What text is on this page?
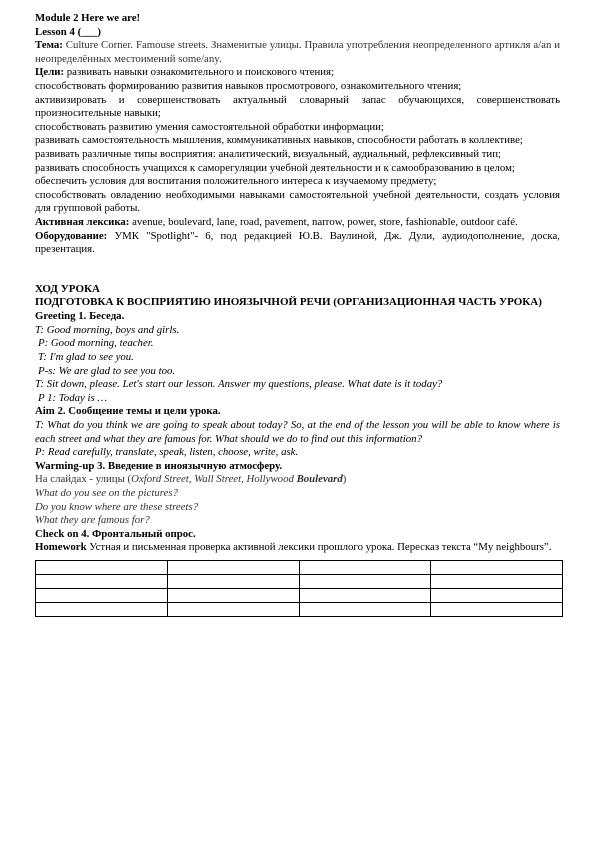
Module 2 Here we are!

Lesson 4 (___)

Тема: Culture Corner. Famouse streets. Знаменитые улицы. Правила употребления неопределенного артикля a/an и неопределённых местоимений some/any.

Цели: развивать навыки ознакомительного и поискового чтения;

способствовать формированию развития навыков просмотрового, ознакомительного чтения;

активизировать и совершенствовать актуальный словарный запас обучающихся, совершенствовать произносительные навыки;

способствовать развитию умения самостоятельной обработки информации;

развивать самостоятельность мышления, коммуникативных навыков, способности работать в коллективе;

развивать различные типы восприятия: аналитический, визуальный, аудиальный, рефлексивный тип;

развивать способность учащихся к саморегуляции учебной деятельности и к самообразованию в целом;

обеспечить условия для воспитания положительного интереса к изучаемому предмету;

способствовать овладению необходимыми навыками самостоятельной учебной деятельности, создать условия для групповой работы.

Активная лексика: avenue, boulevard, lane, road, pavement, narrow, power, store, fashionable, outdoor café.

Оборудование: УМК "Spotlight"- 6, под редакцией Ю.В. Ваулиной, Дж. Дули, аудиодополнение, доска, презентация.

ХОД УРОКА

ПОДГОТОВКА К ВОСПРИЯТИЮ ИНОЯЗЫЧНОЙ РЕЧИ (ОРГАНИЗАЦИОННАЯ ЧАСТЬ УРОКА)

Greeting 1. Беседа.

T: Good morning, boys and girls.

P: Good morning, teacher.

T: I'm glad to see you.

P-s: We are glad to see you too.

T: Sit down, please. Let's start our lesson. Answer my questions, please. What date is it today?

P 1: Today is …

Aim 2. Сообщение темы и цели урока.

T: What do you think we are going to speak about today? So, at the end of the lesson you will be able to know where is each street and what they are famous for. What should we do to find out this information?

P: Read carefully, translate, speak, listen, choose, write, ask.

Warming-up 3. Введение в иноязычную атмосферу.

На слайдах - улицы (Oxford Street, Wall Street, Hollywood Boulevard)

What do you see on the pictures?

Do you know where are these streets?

What they are famous for?

Check on 4. Фронтальный опрос.

Homework Устная и письменная проверка активной лексики прошлого урока. Пересказ текста “My neighbours”.
